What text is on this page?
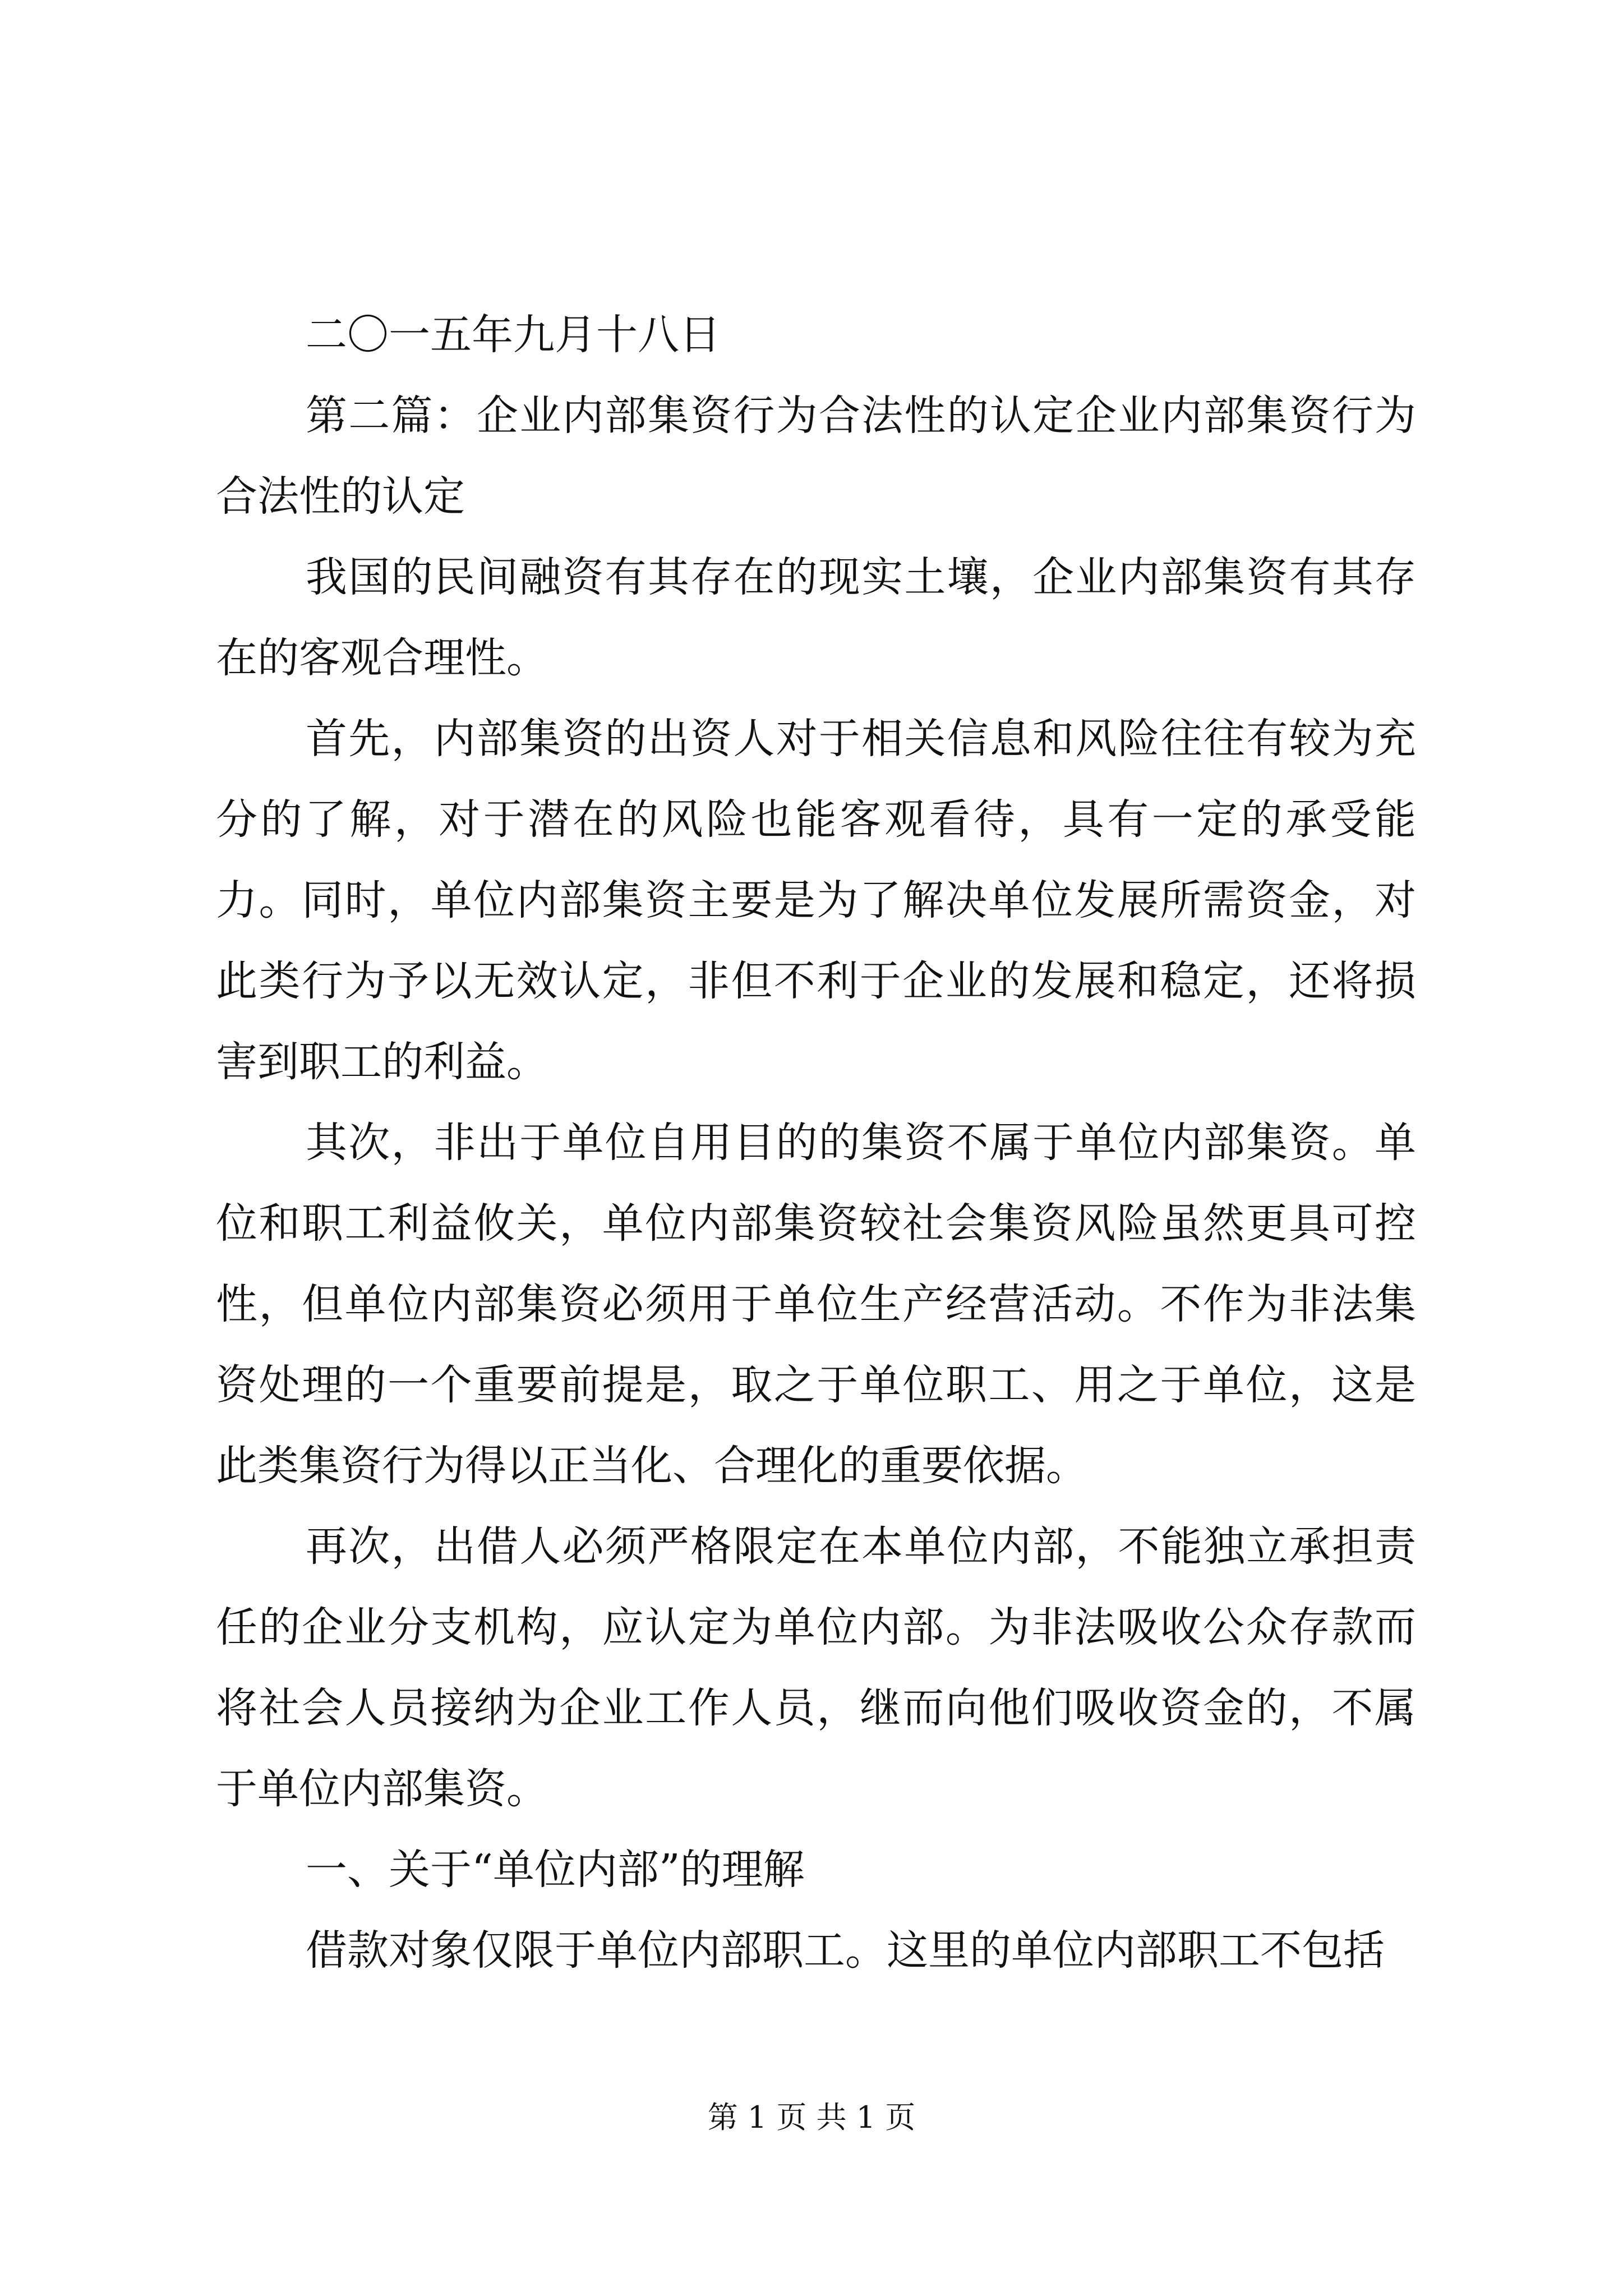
二〇一五年九月十八日

第二篇：企业内部集资行为合法性的认定企业内部集资行为合法性的认定

我国的民间融资有其存在的现实土壤，企业内部集资有其存在的客观合理性。

首先，内部集资的出资人对于相关信息和风险往往有较为充分的了解，对于潜在的风险也能客观看待，具有一定的承受能力。同时，单位内部集资主要是为了解决单位发展所需资金，对此类行为予以无效认定，非但不利于企业的发展和稳定，还将损害到职工的利益。

其次，非出于单位自用目的的集资不属于单位内部集资。单位和职工利益攸关，单位内部集资较社会集资风险虽然更具可控性，但单位内部集资必须用于单位生产经营活动。不作为非法集资处理的一个重要前提是，取之于单位职工、用之于单位，这是此类集资行为得以正当化、合理化的重要依据。

再次，出借人必须严格限定在本单位内部，不能独立承担责任的企业分支机构，应认定为单位内部。为非法吸收公众存款而将社会人员接纳为企业工作人员，继而向他们吸收资金的，不属于单位内部集资。

一、关于“单位内部”的理解

借款对象仅限于单位内部职工。这里的单位内部职工不包括

第 1 页 共 1 页
